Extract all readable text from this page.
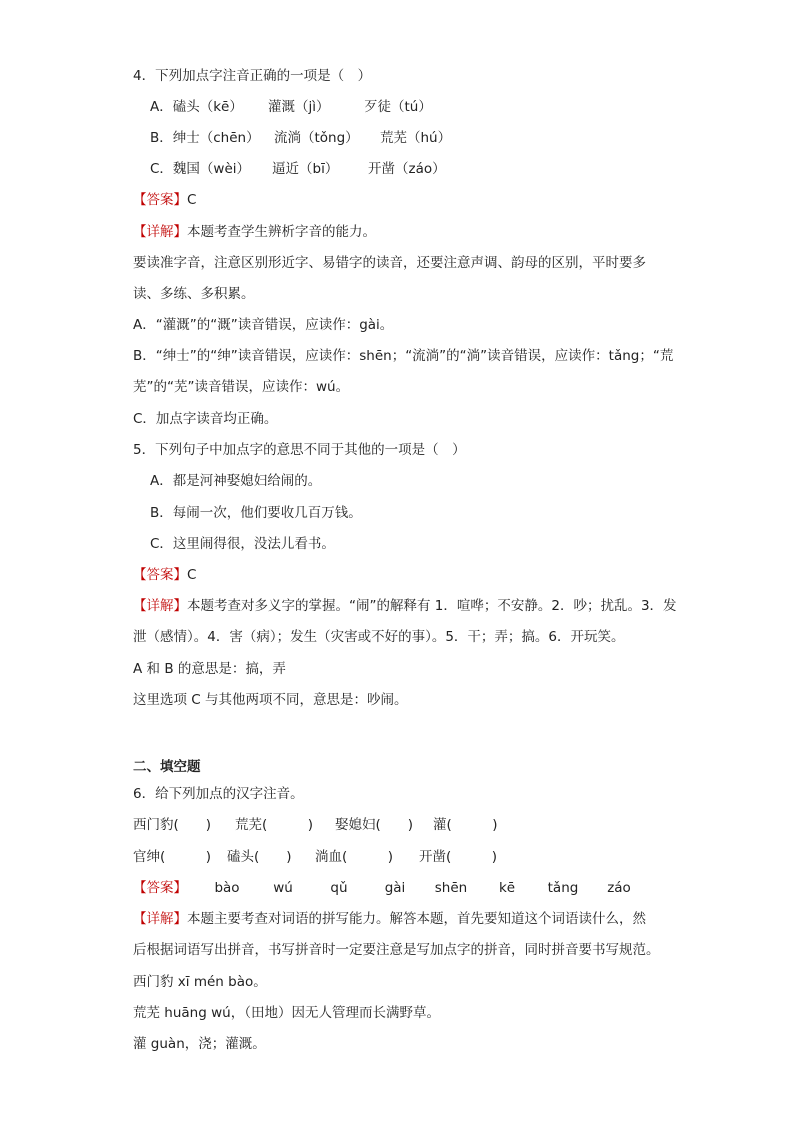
4．下列加点字注音正确的一项是（　）
A．磕头（kē） 灌溉（jì）	歹徒（tú）
B．绅士（chēn） 流淌（tǒng） 荒芜（hú）
C．魏国（wèi） 逼近（bī） 开凿（záo）
【答案】C
【详解】本题考查学生辨析字音的能力。
要读准字音，注意区别形近字、易错字的读音，还要注意声调、韵母的区别，平时要多
读、多练、多积累。
A．“灌溉”的“溉”读音错误，应读作：gài。
B．“绅士”的“绅”读音错误，应读作：shēn；“流淌”的“淌”读音错误，应读作：tǎng；“荒
芜”的“芜”读音错误，应读作：wú。
C．加点字读音均正确。
5．下列句子中加点字的意思不同于其他的一项是（　）
A．都是河神娶媳妇给闹的。
B．每闹一次，他们要收几百万钱。
C．这里闹得很，没法儿看书。
【答案】C
【详解】本题考查对多义字的掌握。“闹”的解释有 1．喧哗；不安静。2．吵；扰乱。3．发
泄（感情）。4．害（病）；发生（灾害或不好的事）。5．干；弄；搞。6．开玩笑。
A 和 B 的意思是：搞，弄
这里选项 C 与其他两项不同，意思是：吵闹。
二、填空题
6．给下列加点的汉字注音。
西门豹(　　) 荒芜(　　　) 娶媳妇(　　) 灌(　　　)
官绅(　　　) 磕头(　　) 淌血(　　　) 开凿(　　　)
【答案】 bào wú	qǔ	gài shēn kē tǎng záo
【详解】本题主要考查对词语的拼写能力。解答本题，首先要知道这个词语读什么，然
后根据词语写出拼音，书写拼音时一定要注意是写加点字的拼音，同时拼音要书写规范。
西门豹 xī mén bào。
荒芜 huāng wú，（田地）因无人管理而长满野草。
灌 guàn，浇；灌溉。
